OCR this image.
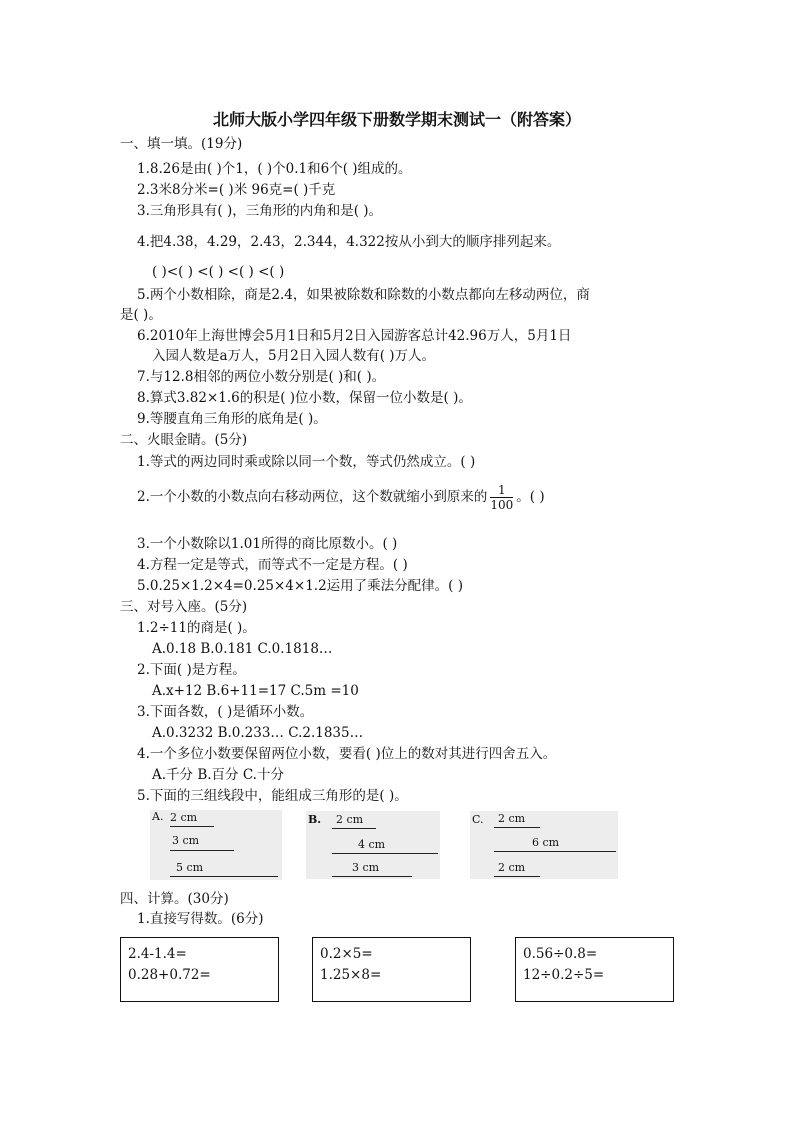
北师大版小学四年级下册数学期末测试一（附答案）
一、填一填。(19分)
1.8.26是由( )个1，( )个0.1和6个( )组成的。
2.3米8分米=( )米 96克=( )千克
3.三角形具有( )，三角形的内角和是( )。
4.把4.3̇8̇，4.2̇9̇，2.43，2.344，4.322按从小到大的顺序排列起来。
( )<( ) <( ) <( ) <( )
5.两个小数相除，商是2.4，如果被除数和除数的小数点都向左移动两位，商
是( )。
6.2010年上海世博会5月1日和5月2日入园游客总计42.96万人，5月1日
入园人数是a万人，5月2日入园人数有( )万人。
7.与12.8相邻的两位小数分别是( )和( )。
8.算式3.82×1.6的积是( )位小数，保留一位小数是( )。
9.等腰直角三角形的底角是( )。
二、火眼金睛。(5分)
1.等式的两边同时乘或除以同一个数，等式仍然成立。( )
2.一个小数的小数点向右移动两位，这个数就缩小到原来的 $\frac{1}{100}$ 。( )
3.一个小数除以1.01所得的商比原数小。( )
4.方程一定是等式，而等式不一定是方程。( )
5.0.25×1.2×4=0.25×4×1.2运用了乘法分配律。( )
三、对号入座。(5分)
1.2÷11的商是( )。
A.0.18 B.0.181 C.0.1818…
2.下面( )是方程。
A.x+12 B.6+11=17 C.5m =10
3.下面各数，( )是循环小数。
A.0.3232 B.0.233… C.2.1835…
4.一个多位小数要保留两位小数，要看( )位上的数对其进行四舍五入。
A.千分 B.百分 C.十分
5.下面的三组线段中，能组成三角形的是( )。
A. 2 cm
3 cm
5 cm
B. 2 cm
4 cm
3 cm
C. 2 cm
6 cm
2 cm
四、计算。(30分)
1.直接写得数。(6分)
2.4-1.4=
0.28+0.72=
0.2×5=
1.25×8=
0.56÷0.8=
12÷0.2÷5=
